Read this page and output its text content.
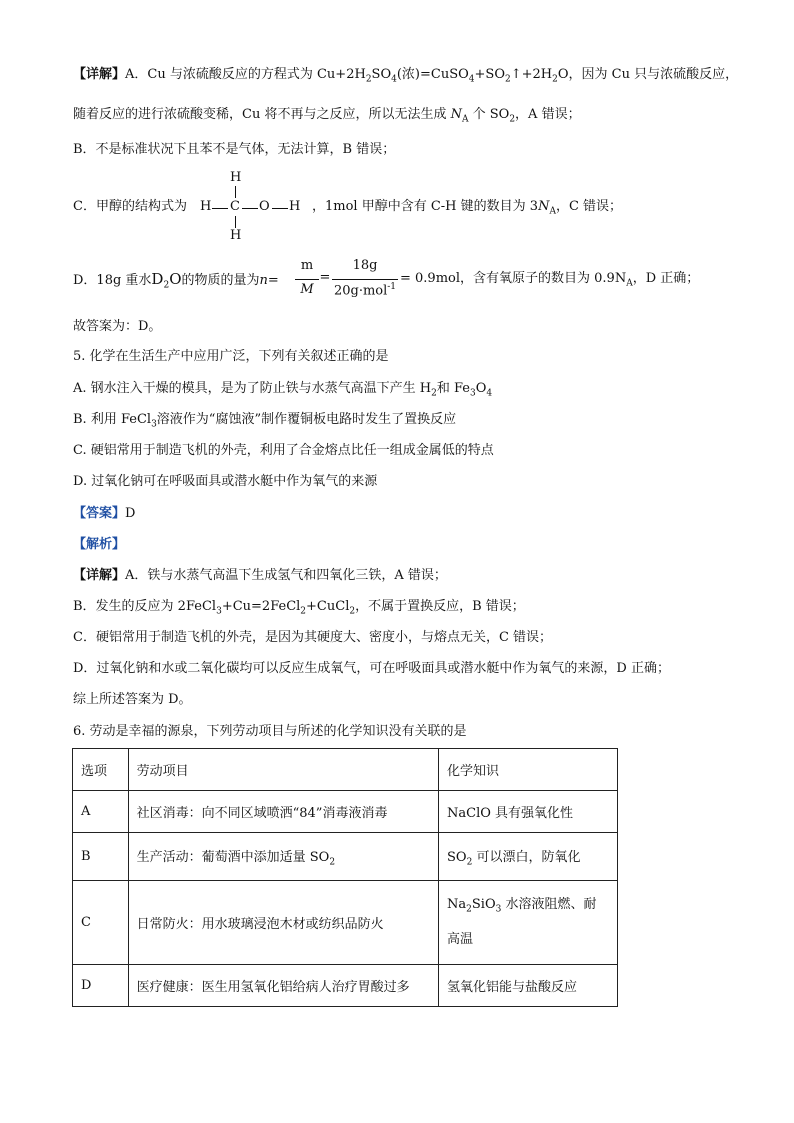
【详解】A．Cu 与浓硫酸反应的方程式为 $Cu+2H_2SO_4$(浓)$=CuSO_4+SO_2↑+2H_2O$，因为 Cu 只与浓硫酸反应，
随着反应的进行浓硫酸变稀，Cu 将不再与之反应，所以无法生成 $N_A$ 个 $SO_2$，A 错误；
B．不是标准状况下且苯不是气体，无法计算，B 错误；
C．甲醇的结构式为
H
H C O H
H
，1mol 甲醇中含有 C-H 键的数目为 $3N_A$，C 错误；
D．18g 重水$D_2O$的物质的量为n=
m
M
=
18g
20g·mol$^{-1}$
= 0.9mol，含有氧原子的数目为 $0.9N_A$，D 正确；
故答案为：D。
5. 化学在生活生产中应用广泛，下列有关叙述正确的是
A. 钢水注入干燥的模具，是为了防止铁与水蒸气高温下产生 $H_2$和 $Fe_3O_4$
B. 利用 FeCl$_3$溶液作为“腐蚀液”制作覆铜板电路时发生了置换反应
C. 硬铝常用于制造飞机的外壳，利用了合金熔点比任一组成金属低的特点
D. 过氧化钠可在呼吸面具或潜水艇中作为氧气的来源
【答案】D
【解析】
【详解】A．铁与水蒸气高温下生成氢气和四氧化三铁，A 错误；
B．发生的反应为 2FeCl$_3$+Cu=2FeCl$_2$+CuCl$_2$，不属于置换反应，B 错误；
C．硬铝常用于制造飞机的外壳，是因为其硬度大、密度小，与熔点无关，C 错误；
D．过氧化钠和水或二氧化碳均可以反应生成氧气，可在呼吸面具或潜水艇中作为氧气的来源，D 正确；
综上所述答案为 D。
6. 劳动是幸福的源泉，下列劳动项目与所述的化学知识没有关联的是
选项	劳动项目	化学知识
A	社区消毒：向不同区域喷洒“84”消毒液消毒	NaClO 具有强氧化性
B	生产活动：葡萄酒中添加适量 $SO_2$	$SO_2$ 可以漂白，防氧化
C	日常防火：用水玻璃浸泡木材或纺织品防火	$Na_2SiO_3$ 水溶液阻燃、耐
高温
D	医疗健康：医生用氢氧化铝给病人治疗胃酸过多	氢氧化铝能与盐酸反应
